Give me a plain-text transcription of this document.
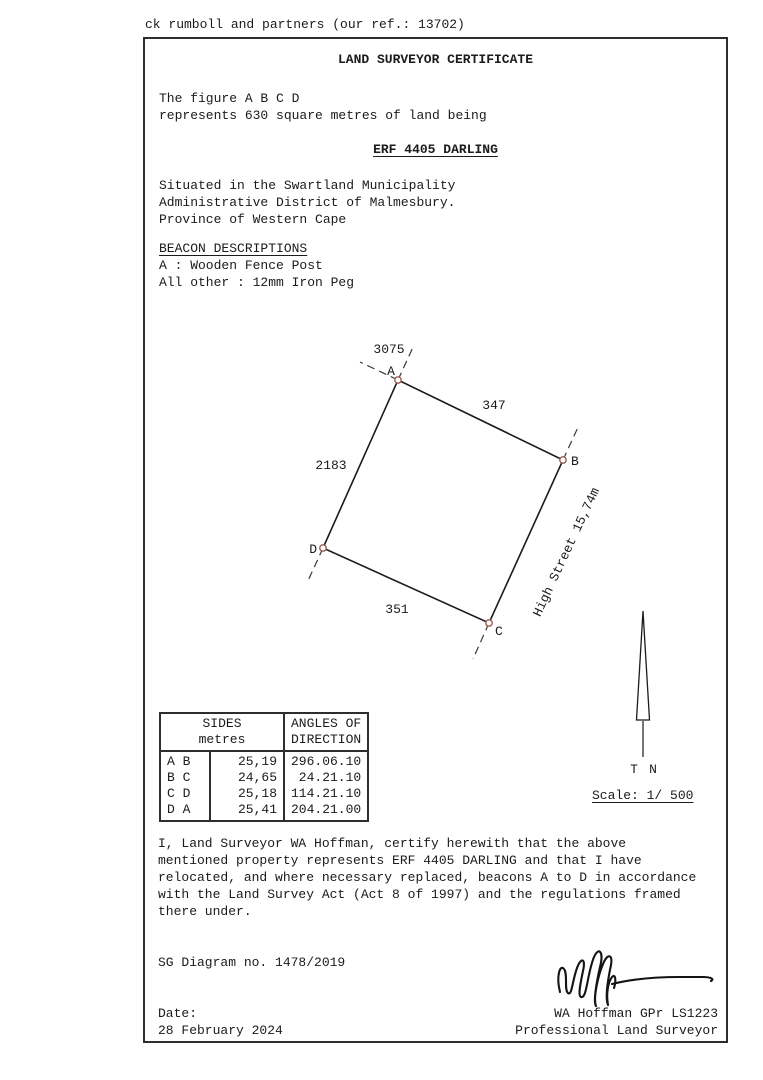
ck rumboll and partners (our ref.: 13702)
LAND SURVEYOR CERTIFICATE
The figure A B C D
represents 630 square metres of land being
ERF 4405 DARLING
Situated in the Swartland Municipality
Administrative District of Malmesbury.
Province of Western Cape
BEACON DESCRIPTIONS
A : Wooden Fence Post
All other : 12mm Iron Peg
A
B
C
D
3075
347
2183
351	High Street 15,74m
SIDES
metres

ANGLES OF
DIRECTION

A B	25,19	296.06.10
B C	24,65	24.21.10
C D	25,18	114.21.10
D A	25,41	204.21.00
T N
Scale: 1/ 500
I, Land Surveyor WA Hoffman, certify herewith that the above
mentioned property represents ERF 4405 DARLING and that I have
relocated, and where necessary replaced, beacons A to D in accordance
with the Land Survey Act (Act 8 of 1997) and the regulations framed
there under.
SG Diagram no. 1478/2019
Date:
28 February 2024
WA Hoffman GPr LS1223
Professional Land Surveyor
